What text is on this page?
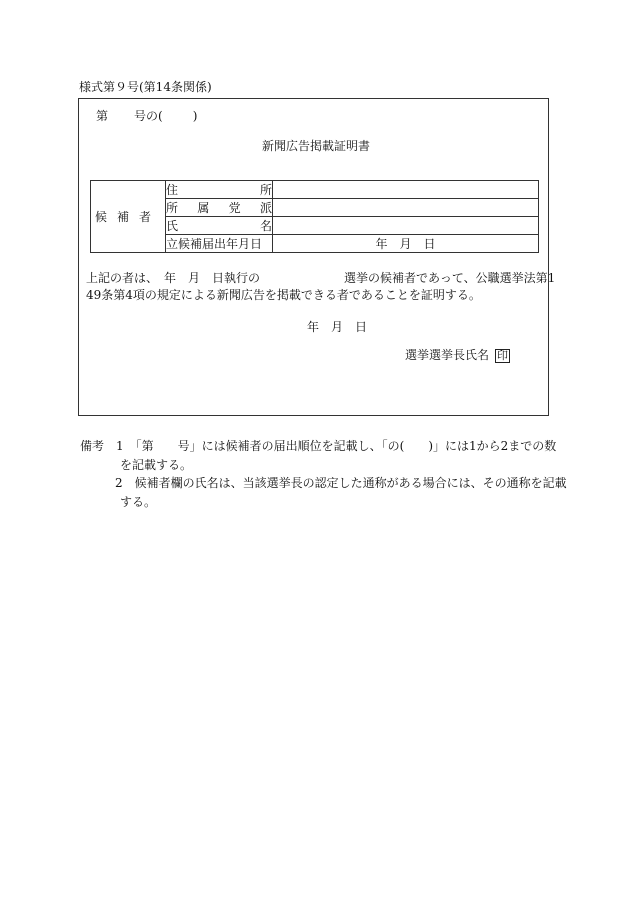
様式第９号(第14条関係)
第 号の(	)
新聞広告掲載証明書
候補者	住 所	

	所 属 党 派	

	氏 名	

	立候補届出年月日	年 月 日
上記の者は、　年　月　日執行の　　　　　　　選挙の候補者であって、公職選挙法第1
49条第4項の規定による新聞広告を掲載できる者であることを証明する。
年　月　日
選挙選挙長氏名 印
備考　1　「第　　号」には候補者の届出順位を記載し、「の(　　)」には1から2までの数
を記載する。
2　候補者欄の氏名は、当該選挙長の認定した通称がある場合には、その通称を記載
する。
